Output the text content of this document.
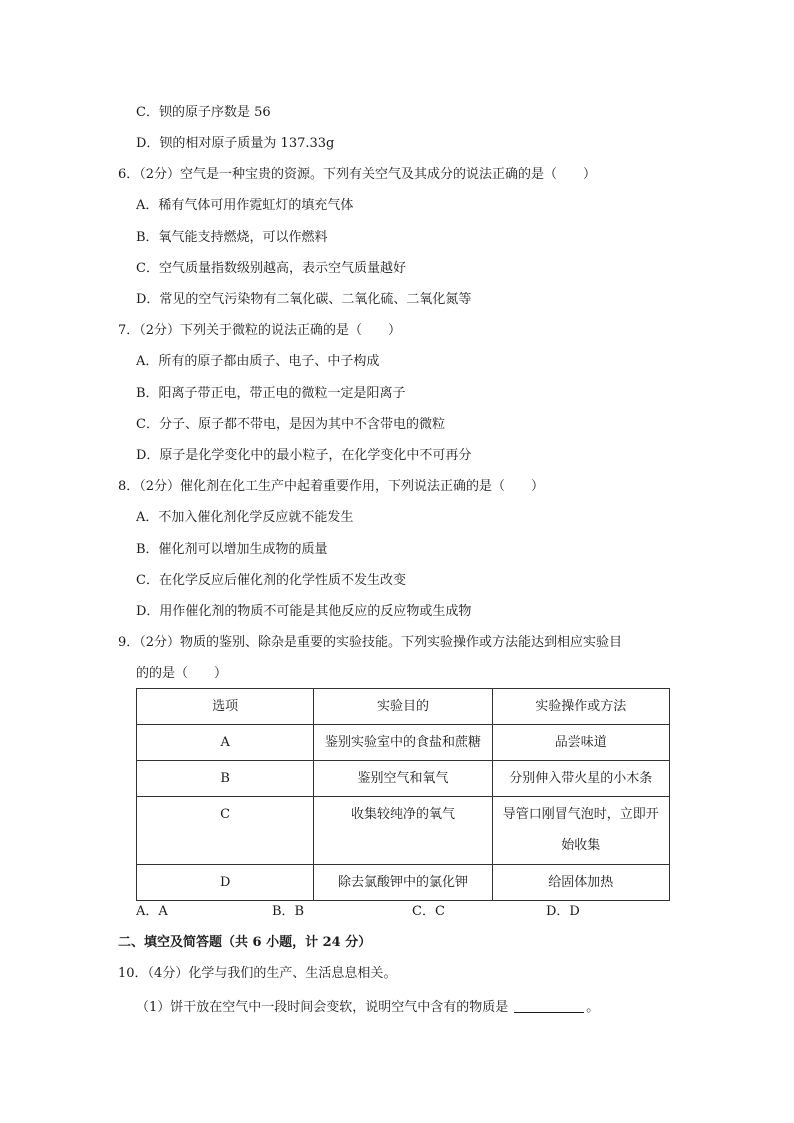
C．钡的原子序数是 56
D．钡的相对原子质量为 137.33g
6．（2分）空气是一种宝贵的资源。下列有关空气及其成分的说法正确的是（　　）
A．稀有气体可用作霓虹灯的填充气体
B．氧气能支持燃烧，可以作燃料
C．空气质量指数级别越高，表示空气质量越好
D．常见的空气污染物有二氧化碳、二氧化硫、二氧化氮等
7．（2分）下列关于微粒的说法正确的是（　　）
A．所有的原子都由质子、电子、中子构成
B．阳离子带正电，带正电的微粒一定是阳离子
C．分子、原子都不带电，是因为其中不含带电的微粒
D．原子是化学变化中的最小粒子，在化学变化中不可再分
8．（2分）催化剂在化工生产中起着重要作用，下列说法正确的是（　　）
A．不加入催化剂化学反应就不能发生
B．催化剂可以增加生成物的质量
C．在化学反应后催化剂的化学性质不发生改变
D．用作催化剂的物质不可能是其他反应的反应物或生成物
9．（2分）物质的鉴别、除杂是重要的实验技能。下列实验操作或方法能达到相应实验目
的的是（　　）
选项	实验目的	实验操作或方法

A	鉴别实验室中的食盐和蔗糖	品尝味道

B	鉴别空气和氧气	分别伸入带火星的小木条

C	收集较纯净的氧气	导管口刚冒气泡时，立即开
始收集

D	除去氯酸钾中的氯化钾	给固体加热
A．A	B．B	C．C	D．D
二、填空及简答题（共 6 小题，计 24 分）
10．（4分）化学与我们的生产、生活息息相关。
（1）饼干放在空气中一段时间会变软，说明空气中含有的物质是	。
